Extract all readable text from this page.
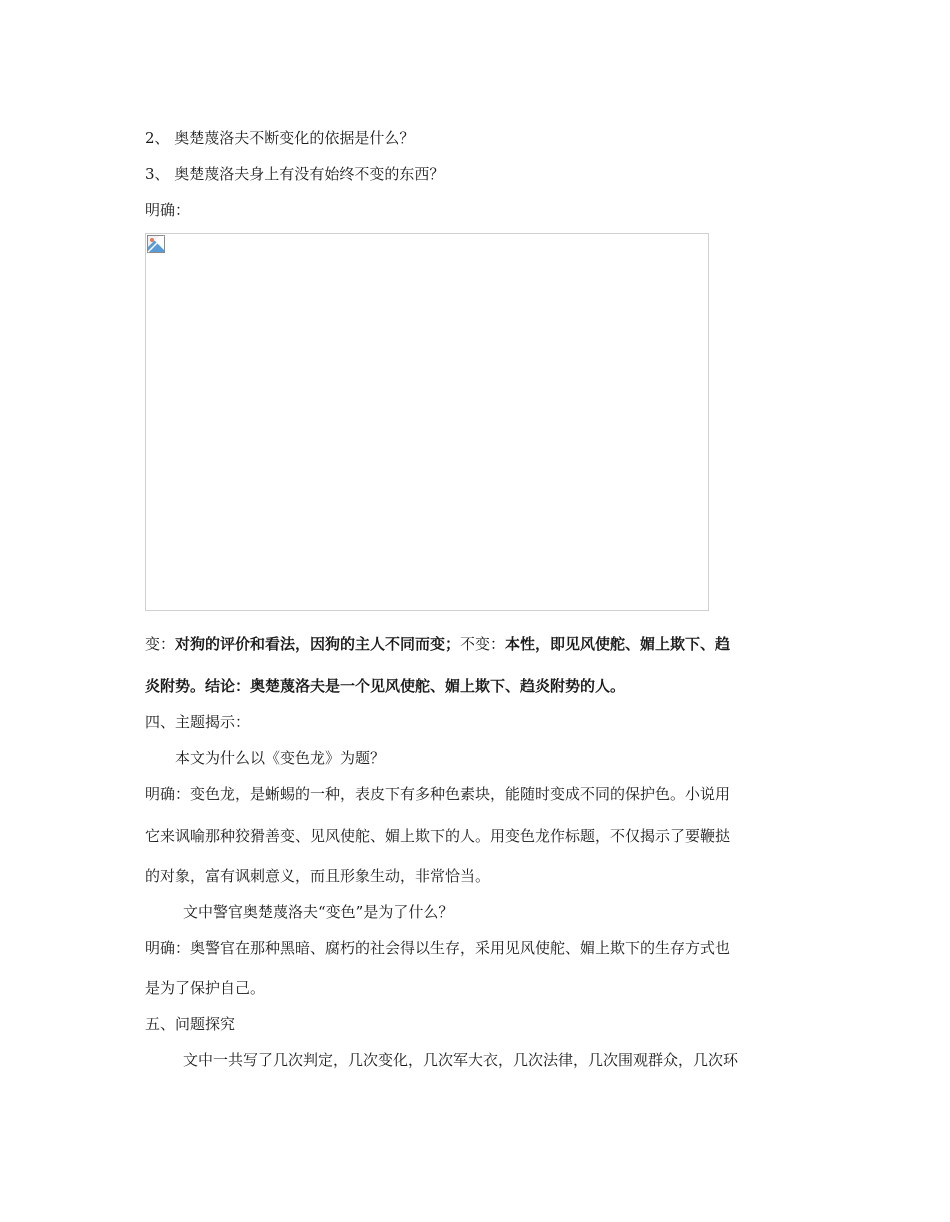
2、 奥楚蔑洛夫不断变化的依据是什么？
3、 奥楚蔑洛夫身上有没有始终不变的东西？
明确：
变：对狗的评价和看法，因狗的主人不同而变；不变：本性，即见风使舵、媚上欺下、趋
炎附势。结论：奥楚蔑洛夫是一个见风使舵、媚上欺下、趋炎附势的人。
四、主题揭示：
本文为什么以《变色龙》为题？
明确：变色龙，是蜥蜴的一种，表皮下有多种色素块，能随时变成不同的保护色。小说用
它来讽喻那种狡猾善变、见风使舵、媚上欺下的人。用变色龙作标题，不仅揭示了要鞭挞
的对象，富有讽刺意义，而且形象生动，非常恰当。
文中警官奥楚蔑洛夫“变色”是为了什么？
明确：奥警官在那种黑暗、腐朽的社会得以生存，采用见风使舵、媚上欺下的生存方式也
是为了保护自己。
五、问题探究
文中一共写了几次判定，几次变化，几次军大衣，几次法律，几次围观群众，几次环
